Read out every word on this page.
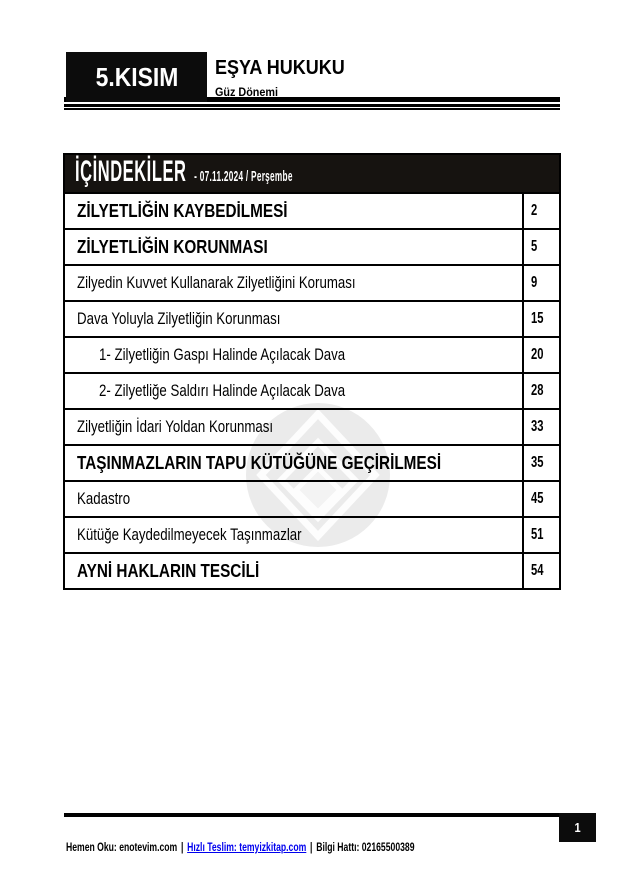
5.KISIM EŞYA HUKUKU
Güz Dönemi
İÇİNDEKİLER - 07.11.2024 / Perşembe
ZİLYETLİĞİN KAYBEDİLMESİ	2
ZİLYETLİĞİN KORUNMASI	5
Zilyedin Kuvvet Kullanarak Zilyetliğini Koruması	9
Dava Yoluyla Zilyetliğin Korunması	15
1- Zilyetliğin Gaspı Halinde Açılacak Dava	20
2- Zilyetliğe Saldırı Halinde Açılacak Dava	28
Zilyetliğin İdari Yoldan Korunması	33
TAŞINMAZLARIN TAPU KÜTÜĞÜNE GEÇİRİLMESİ	35
Kadastro	45
Kütüğe Kaydedilmeyecek Taşınmazlar	51
AYNİ HAKLARIN TESCİLİ	54
1
Hemen Oku: enotevim.com | Hızlı Teslim: temyizkitap.com | Bilgi Hattı: 02165500389
